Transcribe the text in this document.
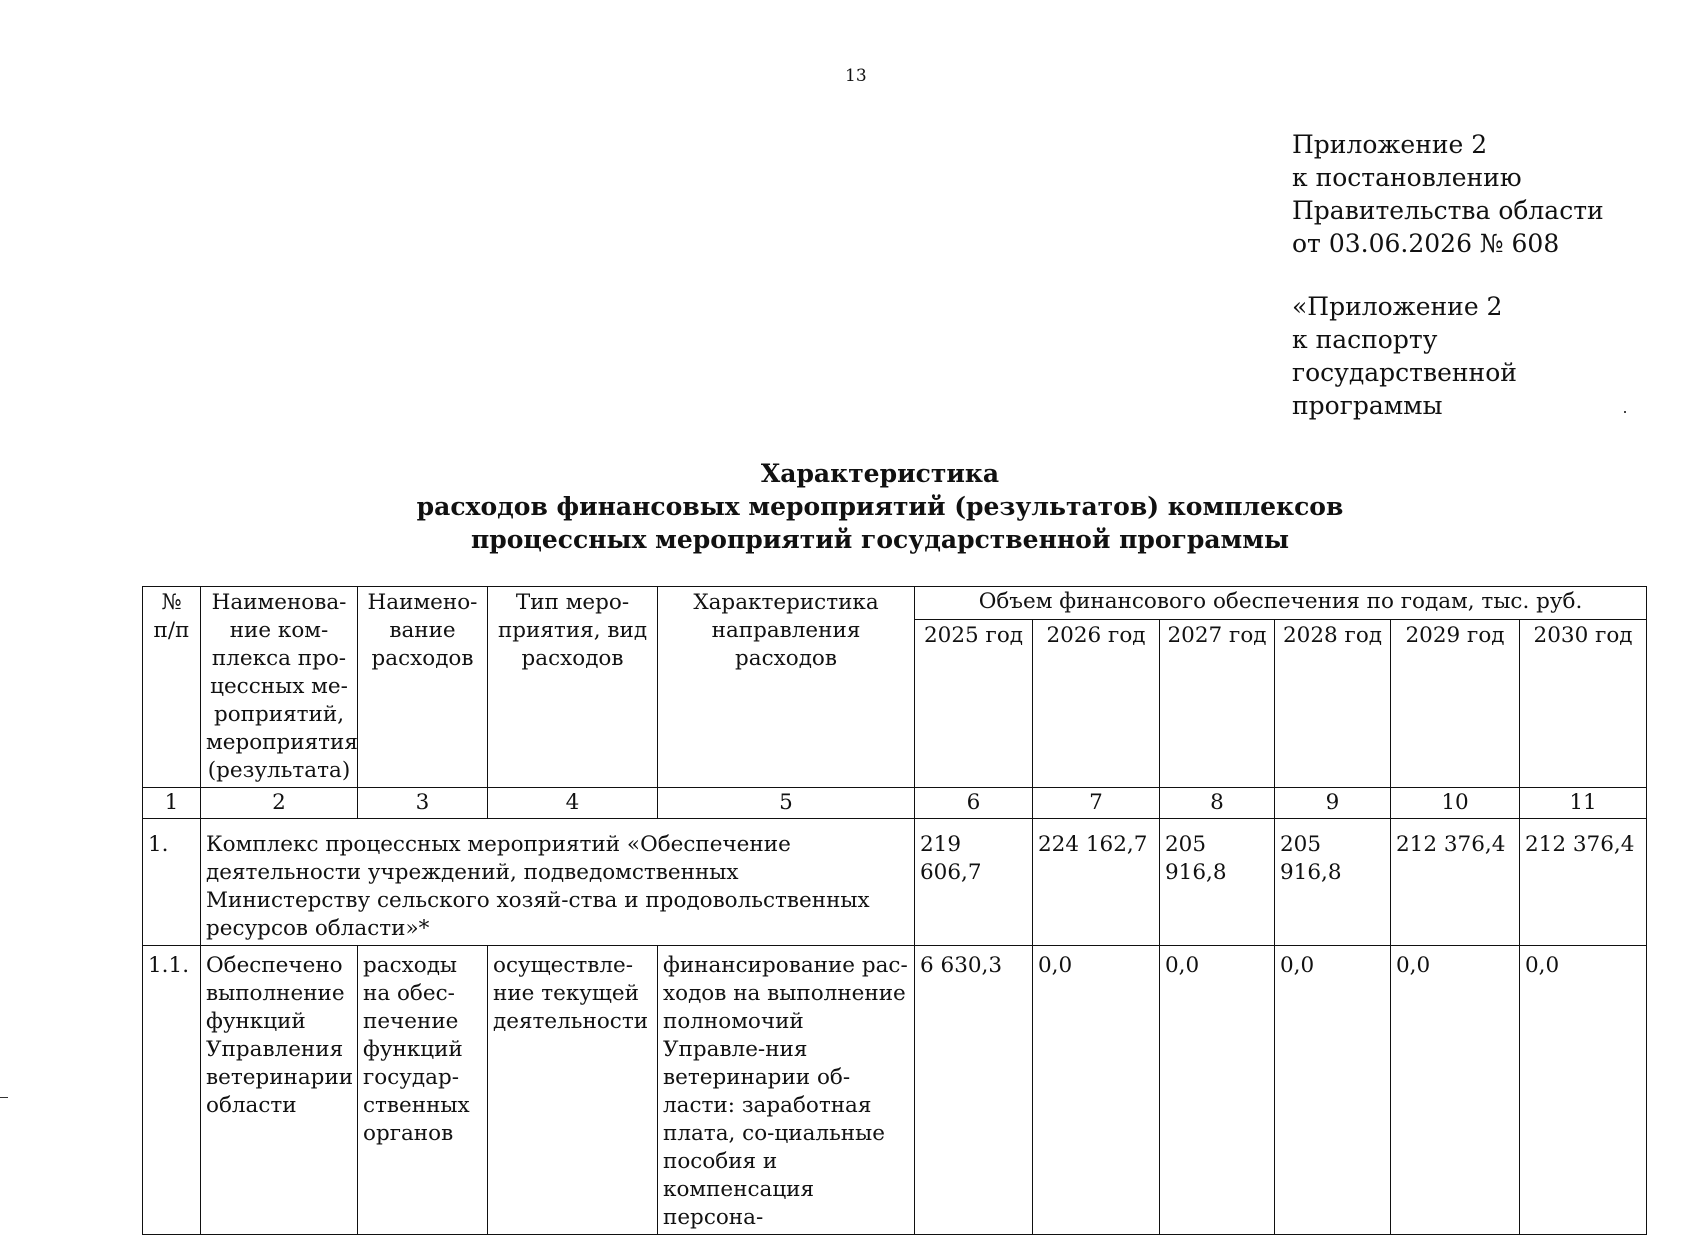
13
Приложение 2
к постановлению
Правительства области
от 03.06.2026 № 608
«Приложение 2
к паспорту
государственной
программы
Характеристика
расходов финансовых мероприятий (результатов) комплексов
процессных мероприятий государственной программы
№ п/п	Наименова-ние ком-плекса про-цессных ме-роприятий, мероприятия (результата)	Наимено-вание расходов	Тип меро-приятия, вид расходов	Характеристика направления расходов	Объем финансового обеспечения по годам, тыс. руб.					
					2025 год	2026 год	2027 год	2028 год	2029 год	2030 год
1	2	3	4	5	6	7	8	9	10	11
1.	Комплекс процессных мероприятий «Обеспечение деятельности учреждений, подведомственных Министерству сельского хозяй-ства и продовольственных ресурсов области»*				219 606,7	224 162,7	205 916,8	205 916,8	212 376,4	212 376,4
1.1.	Обеспечено выполнение функций Управления ветеринарии области	расходы на обес-печение функций государ-ственных органов	осуществле-ние текущей деятельности	финансирование рас-ходов на выполнение полномочий Управле-ния ветеринарии об-ласти: заработная плата, со-циальные пособия и компенсация персона-	6 630,3	0,0	0,0	0,0	0,0	0,0
